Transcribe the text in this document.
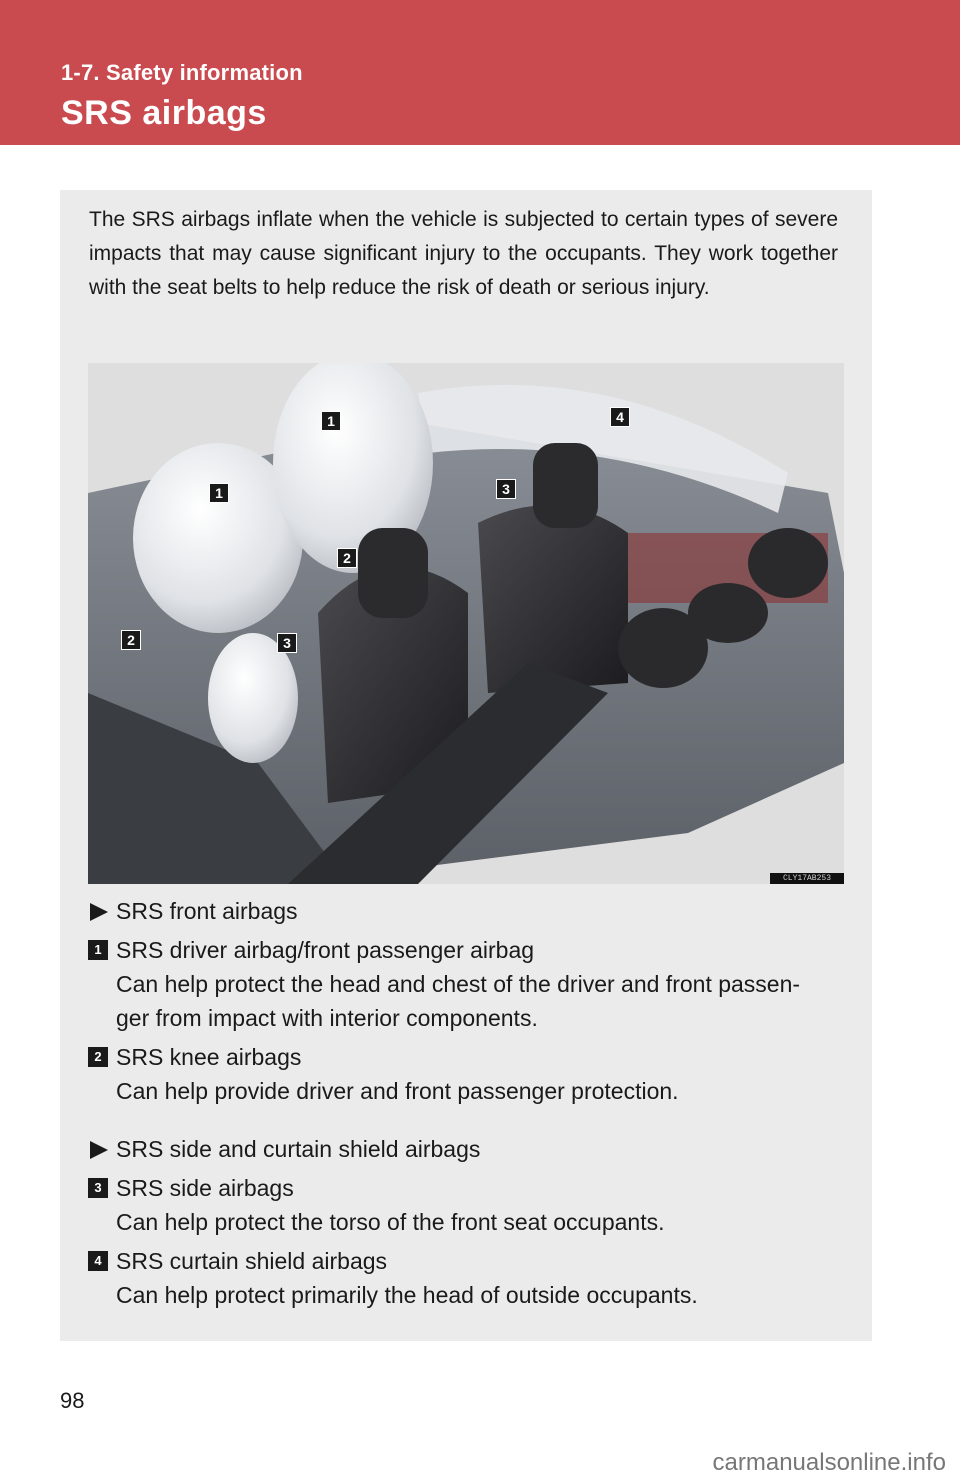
1-7. Safety information
SRS airbags
The SRS airbags inflate when the vehicle is subjected to certain types of severe impacts that may cause significant injury to the occupants. They work together with the seat belts to help reduce the risk of death or serious injury.
1
1
2
2
3
3
4
CLY17AB253
SRS front airbags
1 SRS driver airbag/front passenger airbag
Can help protect the head and chest of the driver and front passen-
ger from impact with interior components.
2 SRS knee airbags
Can help provide driver and front passenger protection.
SRS side and curtain shield airbags
3 SRS side airbags
Can help protect the torso of the front seat occupants.
4 SRS curtain shield airbags
Can help protect primarily the head of outside occupants.
98
carmanualsonline.info
